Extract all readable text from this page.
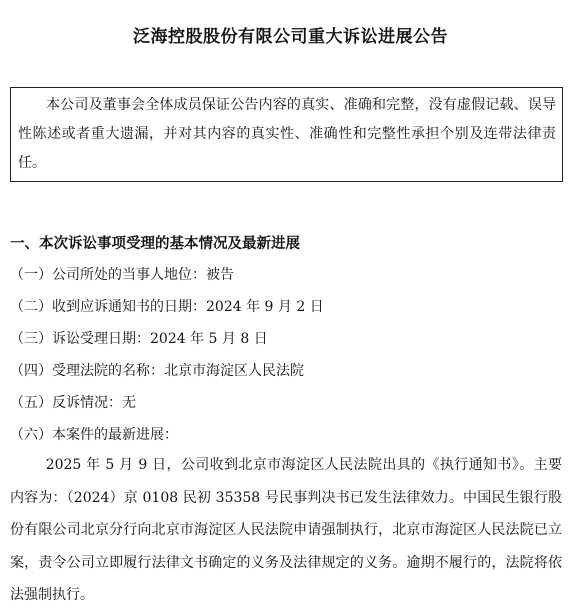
泛海控股股份有限公司重大诉讼进展公告

本公司及董事会全体成员保证公告内容的真实、准确和完整，没有虚假记载、误导性陈述或者重大遗漏，并对其内容的真实性、准确性和完整性承担个别及连带法律责任。

一、本次诉讼事项受理的基本情况及最新进展
（一）公司所处的当事人地位：被告
（二）收到应诉通知书的日期：2024 年 9 月 2 日
（三）诉讼受理日期：2024 年 5 月 8 日
（四）受理法院的名称：北京市海淀区人民法院
（五）反诉情况：无
（六）本案件的最新进展：

2025 年 5 月 9 日，公司收到北京市海淀区人民法院出具的《执行通知书》。主要内容为：（2024）京 0108 民初 35358 号民事判决书已发生法律效力。中国民生银行股份有限公司北京分行向北京市海淀区人民法院申请强制执行，北京市海淀区人民法院已立案，责令公司立即履行法律文书确定的义务及法律规定的义务。逾期不履行的，法院将依法强制执行。
